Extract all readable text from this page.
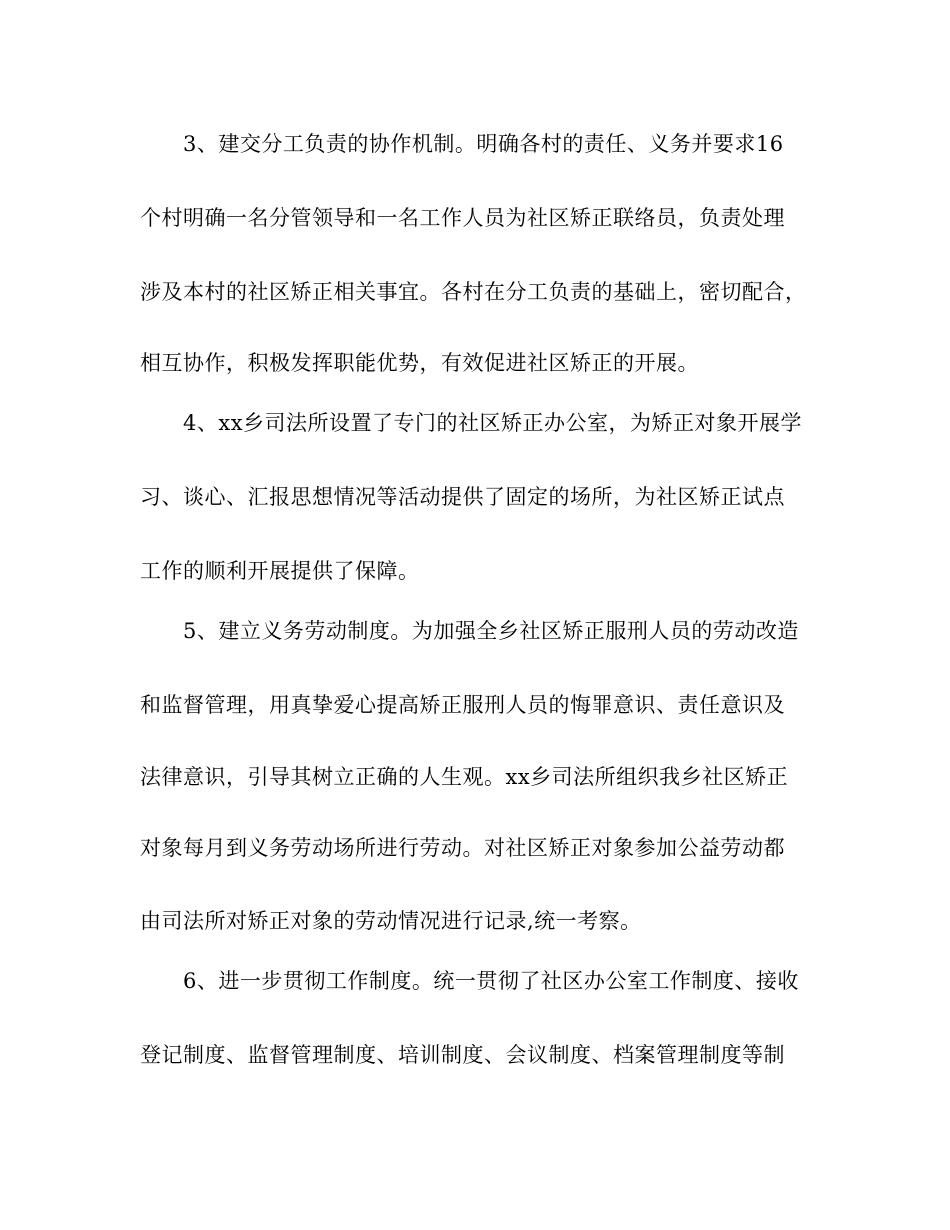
3、建交分工负责的协作机制。明确各村的责任、义务并要求16
个村明确一名分管领导和一名工作人员为社区矫正联络员，负责处理
涉及本村的社区矫正相关事宜。各村在分工负责的基础上，密切配合，
相互协作，积极发挥职能优势，有效促进社区矫正的开展。
4、xx乡司法所设置了专门的社区矫正办公室，为矫正对象开展学
习、谈心、汇报思想情况等活动提供了固定的场所，为社区矫正试点
工作的顺利开展提供了保障。
5、建立义务劳动制度。为加强全乡社区矫正服刑人员的劳动改造
和监督管理，用真挚爱心提高矫正服刑人员的悔罪意识、责任意识及
法律意识，引导其树立正确的人生观。xx乡司法所组织我乡社区矫正
对象每月到义务劳动场所进行劳动。对社区矫正对象参加公益劳动都
由司法所对矫正对象的劳动情况进行记录,统一考察。
6、进一步贯彻工作制度。统一贯彻了社区办公室工作制度、接收
登记制度、监督管理制度、培训制度、会议制度、档案管理制度等制
